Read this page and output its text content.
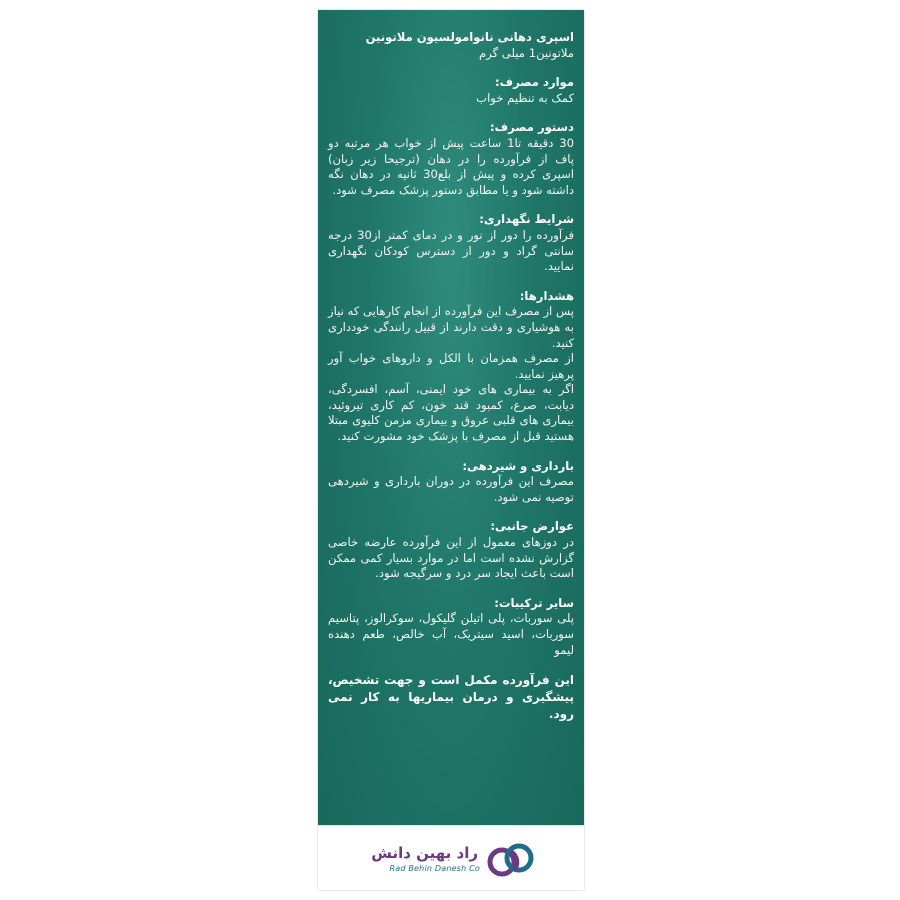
اسپری دهانی نانوامولسیون ملاتونین
ملاتونین1 میلی گرم
موارد مصرف:

کمک به تنظیم خواب

دستور مصرف:

30 دقیقه تا1 ساعت پیش از خواب هر مرتبه دو پاف از فرآورده را در دهان (ترجیحا زیر زبان) اسپری کرده و پیش از بلع30 ثانیه در دهان نگه داشته شود و یا مطابق دستور پزشک مصرف شود.

شرایط نگهداری:

فرآورده را دور از نور و در دمای کمتر از30 درجه سانتی گراد و دور از دسترس کودکان نگهداری نمایید.

هشدارها:

پس از مصرف این فرآورده از انجام کارهایی که نیاز به هوشیاری و دقت دارند از قبیل رانندگی خودداری کنید.

از مصرف همزمان با الکل و داروهای خواب آور پرهیز نمایید.

اگر به بیماری های خود ایمنی، آسم، افسردگی، دیابت، صرع، کمبود قند خون، کم کاری تیروئید، بیماری های قلبی عروق و بیماری مزمن کلیوی مبتلا هستید قبل از مصرف با پزشک خود مشورت کنید.

بارداری و شیردهی:

مصرف این فرآورده در دوران بارداری و شیردهی توصیه نمی شود.

عوارض جانبی:

در دوزهای معمول از این فرآورده عارضه خاصی گزارش نشده است اما در موارد بسیار کمی ممکن است باعث ایجاد سر درد و سرگیجه شود.

سایر ترکیبات:

پلی سوربات، پلی اتیلن گلیکول، سوکرالوز، پتاسیم سوربات، اسید سیتریک، آب خالص، طعم دهنده لیمو

این فرآورده مکمل است و جهت تشخیص، پیشگیری و درمان بیماریها به کار نمی رود.
راد بهین دانش
Rad Behin Danesh Co
